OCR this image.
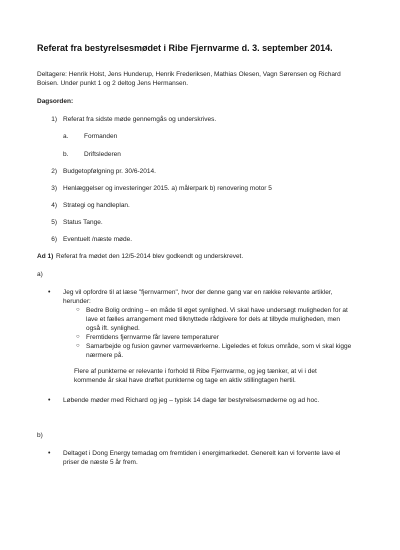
Referat fra bestyrelsesmødet i Ribe Fjernvarme d. 3. september 2014.
Deltagere: Henrik Holst, Jens Hunderup, Henrik Frederiksen, Mathias Olesen, Vagn Sørensen og Richard
Boisen. Under punkt 1 og 2 deltog Jens Hermansen.
Dagsorden:
1) Referat fra sidste møde gennemgås og underskrives.
a. Formanden
b. Driftslederen
2) Budgetopfølgning pr. 30/6-2014.
3) Henlæggelser og investeringer 2015. a) målerpark b) renovering motor 5
4) Strategi og handleplan.
5) Status Tange.
6) Eventuelt /næste møde.
Ad 1) Referat fra mødet den 12/5-2014 blev godkendt og underskrevet.
a)
• Jeg vil opfordre til at læse "fjernvarmen", hvor der denne gang var en række relevante artikler,
herunder:
○ Bedre Bolig ordning – en måde til øget synlighed. Vi skal have undersøgt muligheden for at
lave et fælles arrangement med tilknyttede rådgivere for dels at tilbyde muligheden, men
også ift. synlighed.
○ Fremtidens fjernvarme får lavere temperaturer
○ Samarbejde og fusion gavner varmeværkerne. Ligeledes et fokus område, som vi skal kigge
nærmere på.
Flere af punkterne er relevante i forhold til Ribe Fjernvarme, og jeg tænker, at vi i det
kommende år skal have drøftet punkterne og tage en aktiv stillingtagen hertil.
• Løbende møder med Richard og jeg – typisk 14 dage før bestyrelsesmøderne og ad hoc.
b)
• Deltaget i Dong Energy temadag om fremtiden i energimarkedet. Generelt kan vi forvente lave el
priser de næste 5 år frem.
